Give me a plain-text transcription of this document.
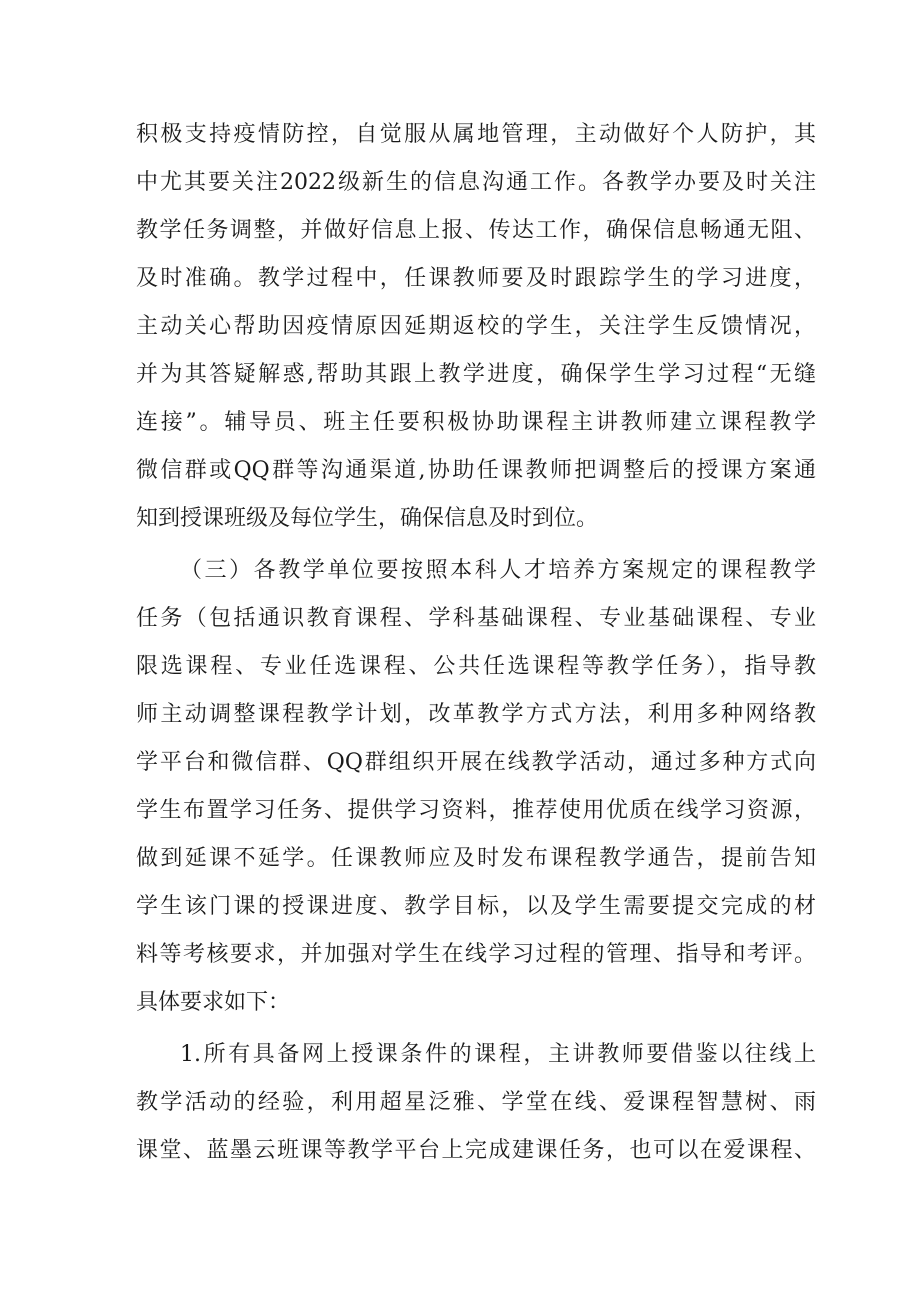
积极支持疫情防控，自觉服从属地管理，主动做好个人防护，其
中尤其要关注2022级新生的信息沟通工作。各教学办要及时关注
教学任务调整，并做好信息上报、传达工作，确保信息畅通无阻、
及时准确。教学过程中，任课教师要及时跟踪学生的学习进度，
主动关心帮助因疫情原因延期返校的学生，关注学生反馈情况，
并为其答疑解惑,帮助其跟上教学进度，确保学生学习过程“无缝
连接”。辅导员、班主任要积极协助课程主讲教师建立课程教学
微信群或QQ群等沟通渠道,协助任课教师把调整后的授课方案通
知到授课班级及每位学生，确保信息及时到位。
（三）各教学单位要按照本科人才培养方案规定的课程教学
任务（包括通识教育课程、学科基础课程、专业基础课程、专业
限选课程、专业任选课程、公共任选课程等教学任务），指导教
师主动调整课程教学计划，改革教学方式方法，利用多种网络教
学平台和微信群、QQ群组织开展在线教学活动，通过多种方式向
学生布置学习任务、提供学习资料，推荐使用优质在线学习资源，
做到延课不延学。任课教师应及时发布课程教学通告，提前告知
学生该门课的授课进度、教学目标，以及学生需要提交完成的材
料等考核要求，并加强对学生在线学习过程的管理、指导和考评。
具体要求如下：
1.所有具备网上授课条件的课程，主讲教师要借鉴以往线上
教学活动的经验，利用超星泛雅、学堂在线、爱课程智慧树、雨
课堂、蓝墨云班课等教学平台上完成建课任务，也可以在爱课程、
